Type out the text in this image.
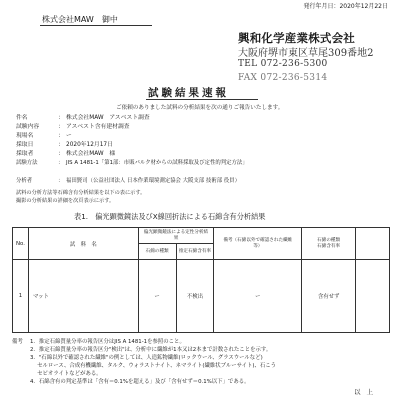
発行年月日：2020年12月22日
株式会社MAW　御中
興和化学産業株式会社
大阪府堺市東区草尾309番地2
TEL 072-236-5300
FAX 072-236-5314
試験結果速報
ご依頼のありました試料の分析結果を次の通りご報告いたします。
件名	： 株式会社MAW　アスベスト調査
試験内容	： アスベスト含有建材調査
現場名	： ー
採取日	： 2020年12月17日
採取者	： 株式会社MAW　様
試験方法	： JIS A 1481-1「第1部：市販バルク材からの試料採取及び定性的判定方法」
分析者	： 福田賢司（公益社団法人 日本作業環境測定協会 大阪支部 技術部 役員）
試料の分析方法等石綿含有分析結果を以下の表に示す。
撮影の分析結果の詳細を次頁表示に示す。
表1.　偏光顕微鏡法及びX線回折法による石綿含有分析結果
No.	試　料　名	偏光顕微鏡法による定性分析結果		備考（石綿以外で確認された繊維等）	石綿の種類
石綿含有率	
		石綿の種類	推定石綿含有率			
1	マット	ー	不検出	ー	含有せず	
備考 1．推定石綿質量分率の報告区分はJIS A 1481-1を参照のこと。
2．推定石綿質量分率の報告区分"検出"は、分析中に繊維が1本又は2本まで計数されたことを示す。
3．"石綿以外で確認された繊維"の例としては、人造鉱物繊維(ロックウール、グラスウールなど)
　 セルロース、合成有機繊維、タルク、ウォラストナイト、ネマライト(繊維状ブルーサイト)、石こう
　 セピオライトなどがある。
4．石綿含有の判定基準は「含有＝0.1%を超える」及び「含有せず＝0.1%以下」である。
以上
